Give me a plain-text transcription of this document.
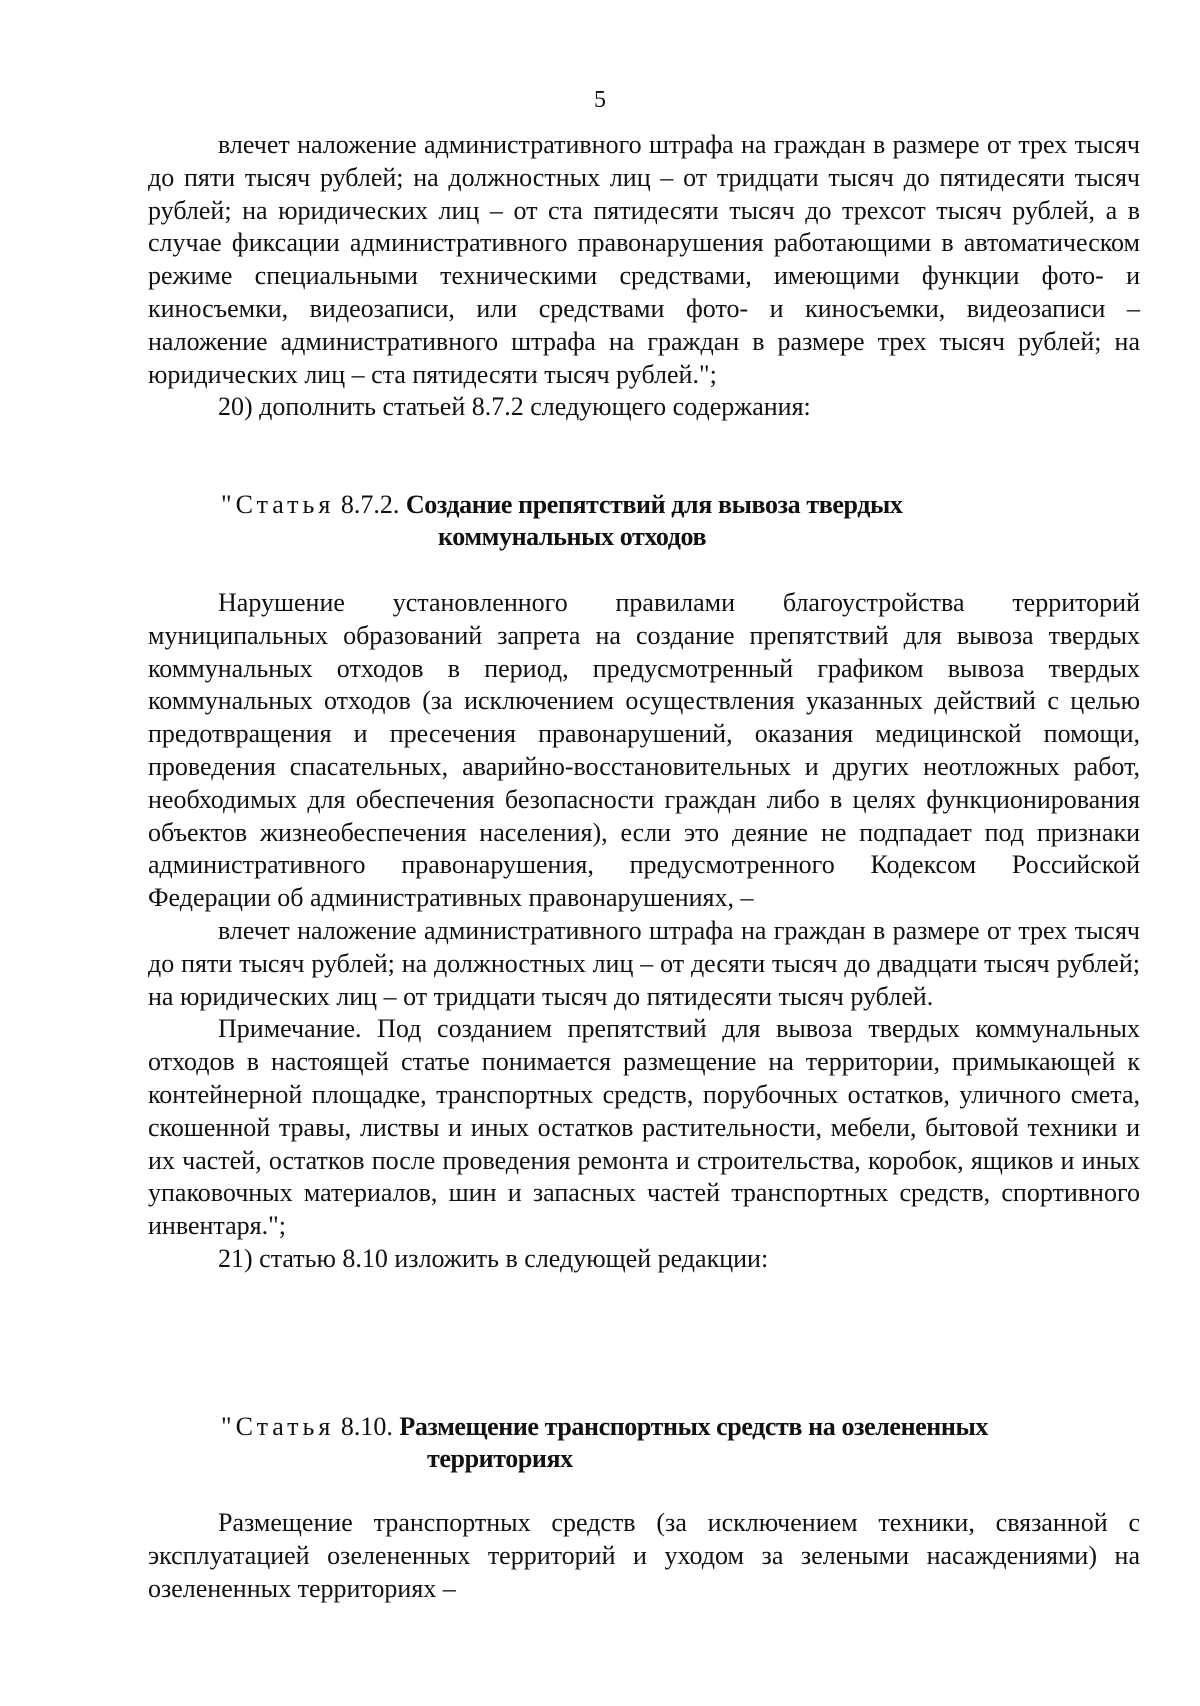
5

влечет наложение административного штрафа на граждан в размере от трех тысяч до пяти тысяч рублей; на должностных лиц – от тридцати тысяч до пятидесяти тысяч рублей; на юридических лиц – от ста пятидесяти тысяч до трехсот тысяч рублей, а в случае фиксации административного правонарушения работающими в автоматическом режиме специальными техническими средствами, имеющими функции фото- и киносъемки, видеозаписи, или средствами фото- и киносъемки, видеозаписи – наложение административного штрафа на граждан в размере трех тысяч рублей; на юридических лиц – ста пятидесяти тысяч рублей.";

20) дополнить статьей 8.7.2 следующего содержания:

"Статья 8.7.2. Создание препятствий для вывоза твердых
коммунальных отходов

Нарушение установленного правилами благоустройства территорий муниципальных образований запрета на создание препятствий для вывоза твердых коммунальных отходов в период, предусмотренный графиком вывоза твердых коммунальных отходов (за исключением осуществления указанных действий с целью предотвращения и пресечения правонарушений, оказания медицинской помощи, проведения спасательных, аварийно-восстановительных и других неотложных работ, необходимых для обеспечения безопасности граждан либо в целях функционирования объектов жизнеобеспечения населения), если это деяние не подпадает под признаки административного правонарушения, предусмотренного Кодексом Российской Федерации об административных правонарушениях, –

влечет наложение административного штрафа на граждан в размере от трех тысяч до пяти тысяч рублей; на должностных лиц – от десяти тысяч до двадцати тысяч рублей; на юридических лиц – от тридцати тысяч до пятидесяти тысяч рублей.

Примечание. Под созданием препятствий для вывоза твердых коммунальных отходов в настоящей статье понимается размещение на территории, примыкающей к контейнерной площадке, транспортных средств, порубочных остатков, уличного смета, скошенной травы, листвы и иных остатков растительности, мебели, бытовой техники и их частей, остатков после проведения ремонта и строительства, коробок, ящиков и иных упаковочных материалов, шин и запасных частей транспортных средств, спортивного инвентаря.";

21) статью 8.10 изложить в следующей редакции:

"Статья 8.10. Размещение транспортных средств на озелененных
территориях

Размещение транспортных средств (за исключением техники, связанной с эксплуатацией озелененных территорий и уходом за зелеными насаждениями) на озелененных территориях –
